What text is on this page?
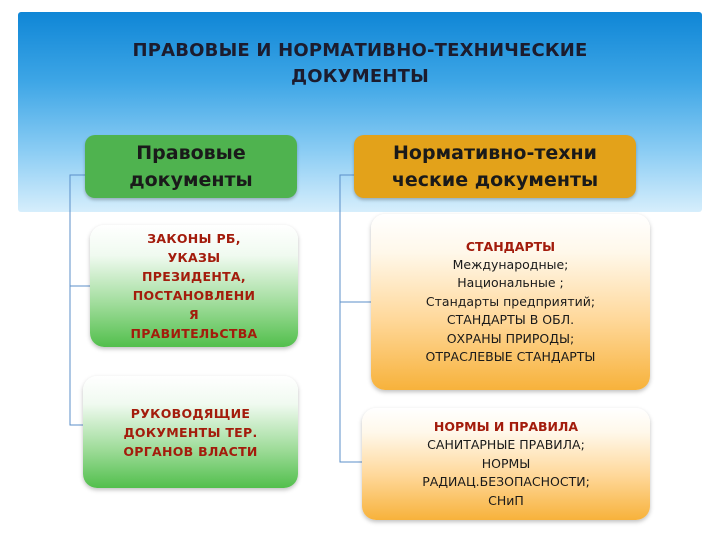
ПРАВОВЫЕ И НОРМАТИВНО-ТЕХНИЧЕСКИЕ
ДОКУМЕНТЫ
Правовые
документы
Нормативно-техни
ческие документы
ЗАКОНЫ РБ,
УКАЗЫ
ПРЕЗИДЕНТА,
ПОСТАНОВЛЕНИ
Я
ПРАВИТЕЛЬСТВА
РУКОВОДЯЩИЕ
ДОКУМЕНТЫ ТЕР.
ОРГАНОВ ВЛАСТИ
СТАНДАРТЫ
Международные;
Национальные ;
Стандарты предприятий;
СТАНДАРТЫ В ОБЛ.
ОХРАНЫ ПРИРОДЫ;
ОТРАСЛЕВЫЕ СТАНДАРТЫ
НОРМЫ И ПРАВИЛА
САНИТАРНЫЕ ПРАВИЛА;
НОРМЫ
РАДИАЦ.БЕЗОПАСНОСТИ;
СНиП
